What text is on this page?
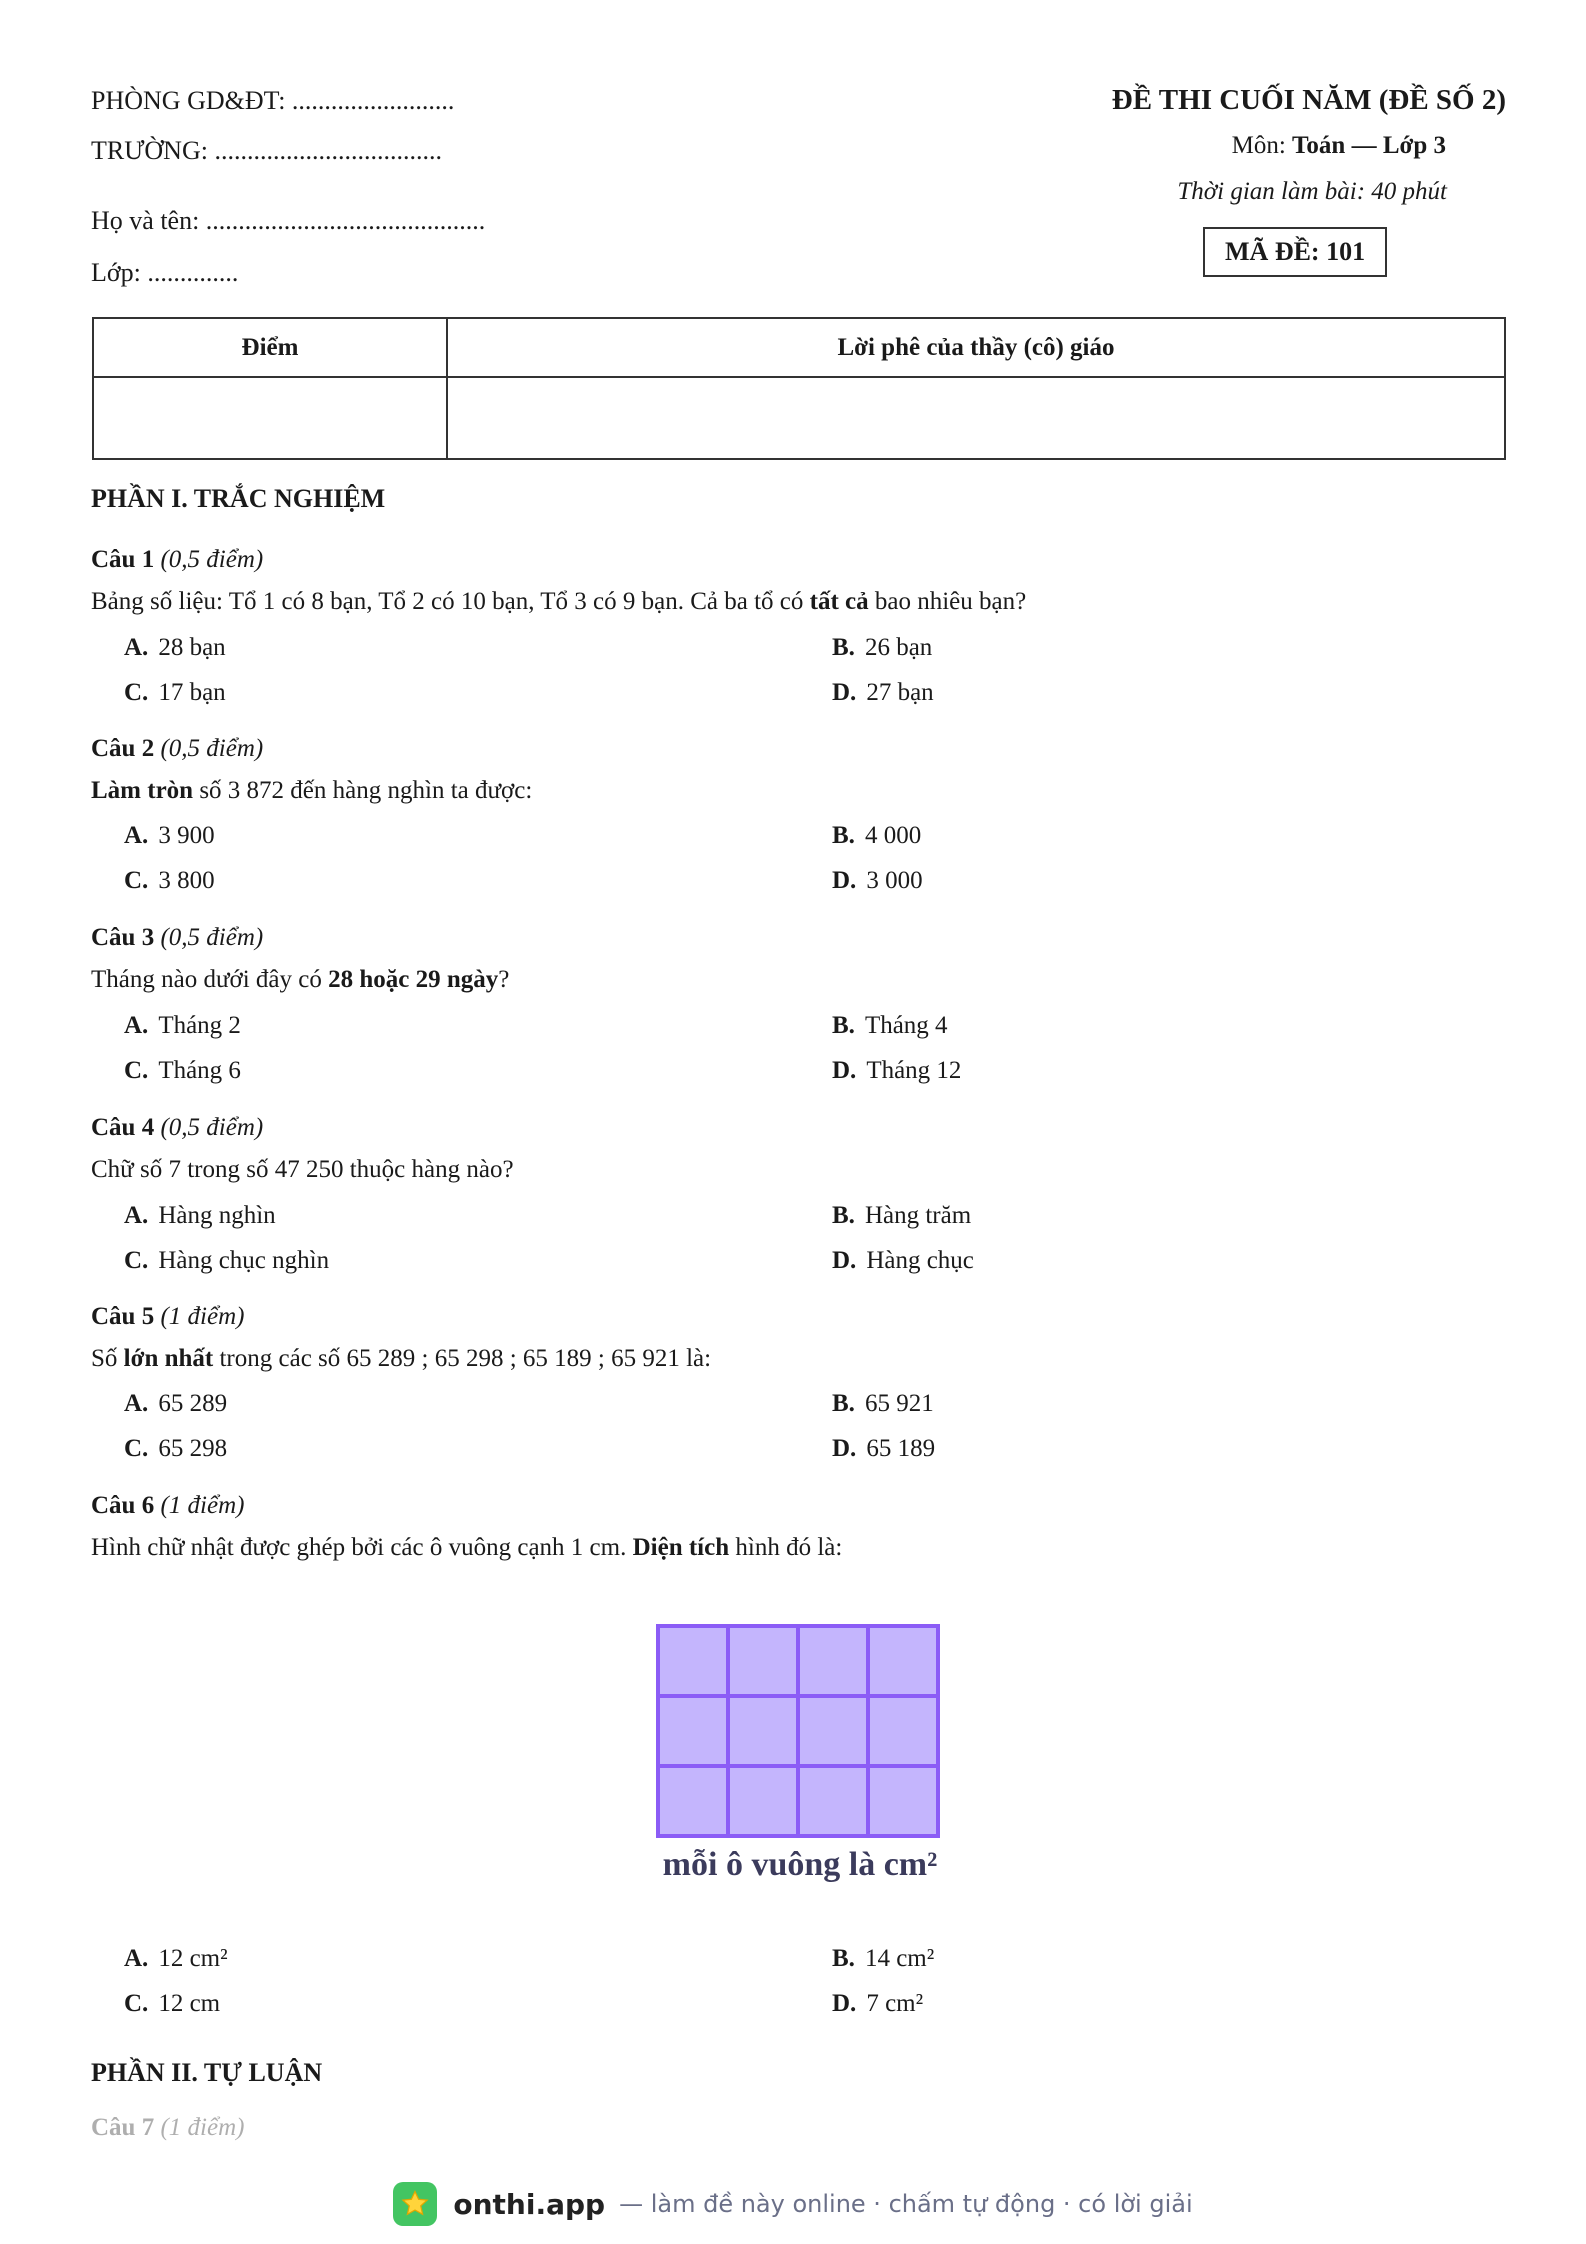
PHÒNG GD&ĐT: .........................
TRƯỜNG: ...................................
Họ và tên: ...........................................
Lớp: ..............
ĐỀ THI CUỐI NĂM (ĐỀ SỐ 2)
Môn: Toán — Lớp 3
Thời gian làm bài: 40 phút
MÃ ĐỀ: 101
Điểm	Lời phê của thầy (cô) giáo

PHẦN I. TRẮC NGHIỆM
Câu 1 (0,5 điểm)
Bảng số liệu: Tổ 1 có 8 bạn, Tổ 2 có 10 bạn, Tổ 3 có 9 bạn. Cả ba tổ có tất cả bao nhiêu bạn?
A. 28 bạn	B. 26 bạn
C. 17 bạn	D. 27 bạn
Câu 2 (0,5 điểm)
Làm tròn số 3 872 đến hàng nghìn ta được:
A. 3 900	B. 4 000
C. 3 800	D. 3 000
Câu 3 (0,5 điểm)
Tháng nào dưới đây có 28 hoặc 29 ngày?
A. Tháng 2	B. Tháng 4
C. Tháng 6	D. Tháng 12
Câu 4 (0,5 điểm)
Chữ số 7 trong số 47 250 thuộc hàng nào?
A. Hàng nghìn	B. Hàng trăm
C. Hàng chục nghìn	D. Hàng chục
Câu 5 (1 điểm)
Số lớn nhất trong các số 65 289 ; 65 298 ; 65 189 ; 65 921 là:
A. 65 289	B. 65 921
C. 65 298	D. 65 189
Câu 6 (1 điểm)
Hình chữ nhật được ghép bởi các ô vuông cạnh 1 cm. Diện tích hình đó là:
A. 12 cm²	B. 14 cm²
C. 12 cm	D. 7 cm²
mỗi ô vuông là cm²
PHẦN II. TỰ LUẬN
Câu 7 (1 điểm)
onthi.app — làm đề này online · chấm tự động · có lời giải
